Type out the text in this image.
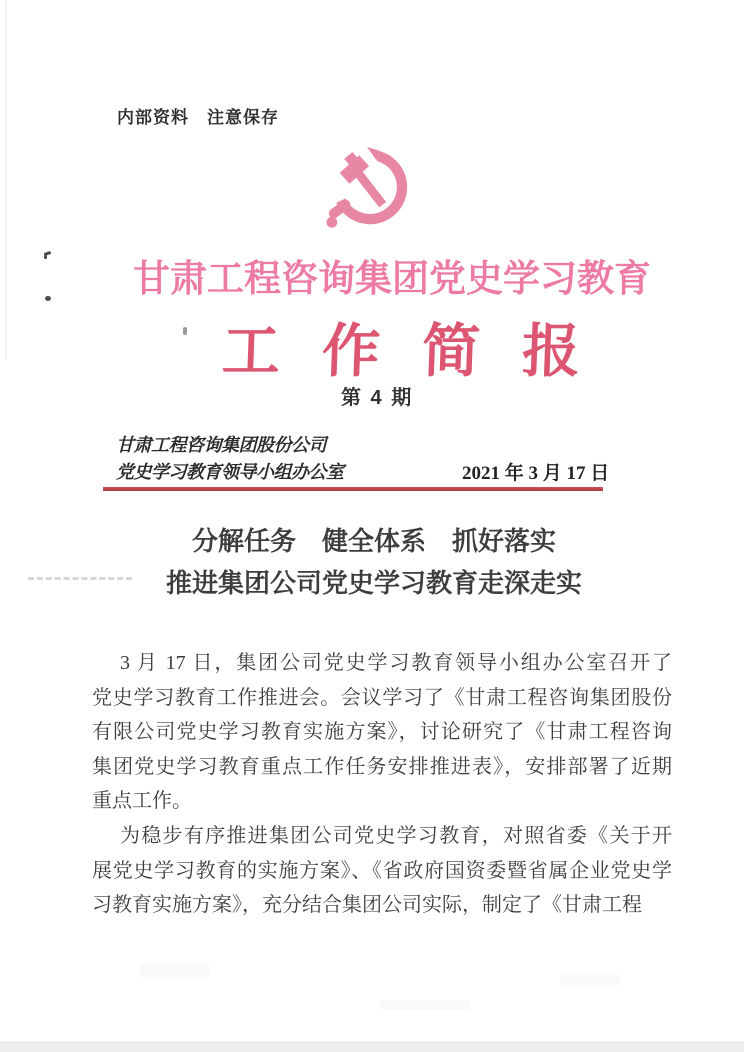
内部资料　注意保存
甘肃工程咨询集团党史学习教育
工作简报
第 4 期
甘肃工程咨询集团股份公司
党史学习教育领导小组办公室	2021 年 3 月 17 日
分解任务　健全体系　抓好落实
推进集团公司党史学习教育走深走实
3 月 17 日，集团公司党史学习教育领导小组办公室召开了
党史学习教育工作推进会。会议学习了《甘肃工程咨询集团股份
有限公司党史学习教育实施方案》，讨论研究了《甘肃工程咨询
集团党史学习教育重点工作任务安排推进表》，安排部署了近期
重点工作。
为稳步有序推进集团公司党史学习教育，对照省委《关于开
展党史学习教育的实施方案》、《省政府国资委暨省属企业党史学
习教育实施方案》，充分结合集团公司实际，制定了《甘肃工程
